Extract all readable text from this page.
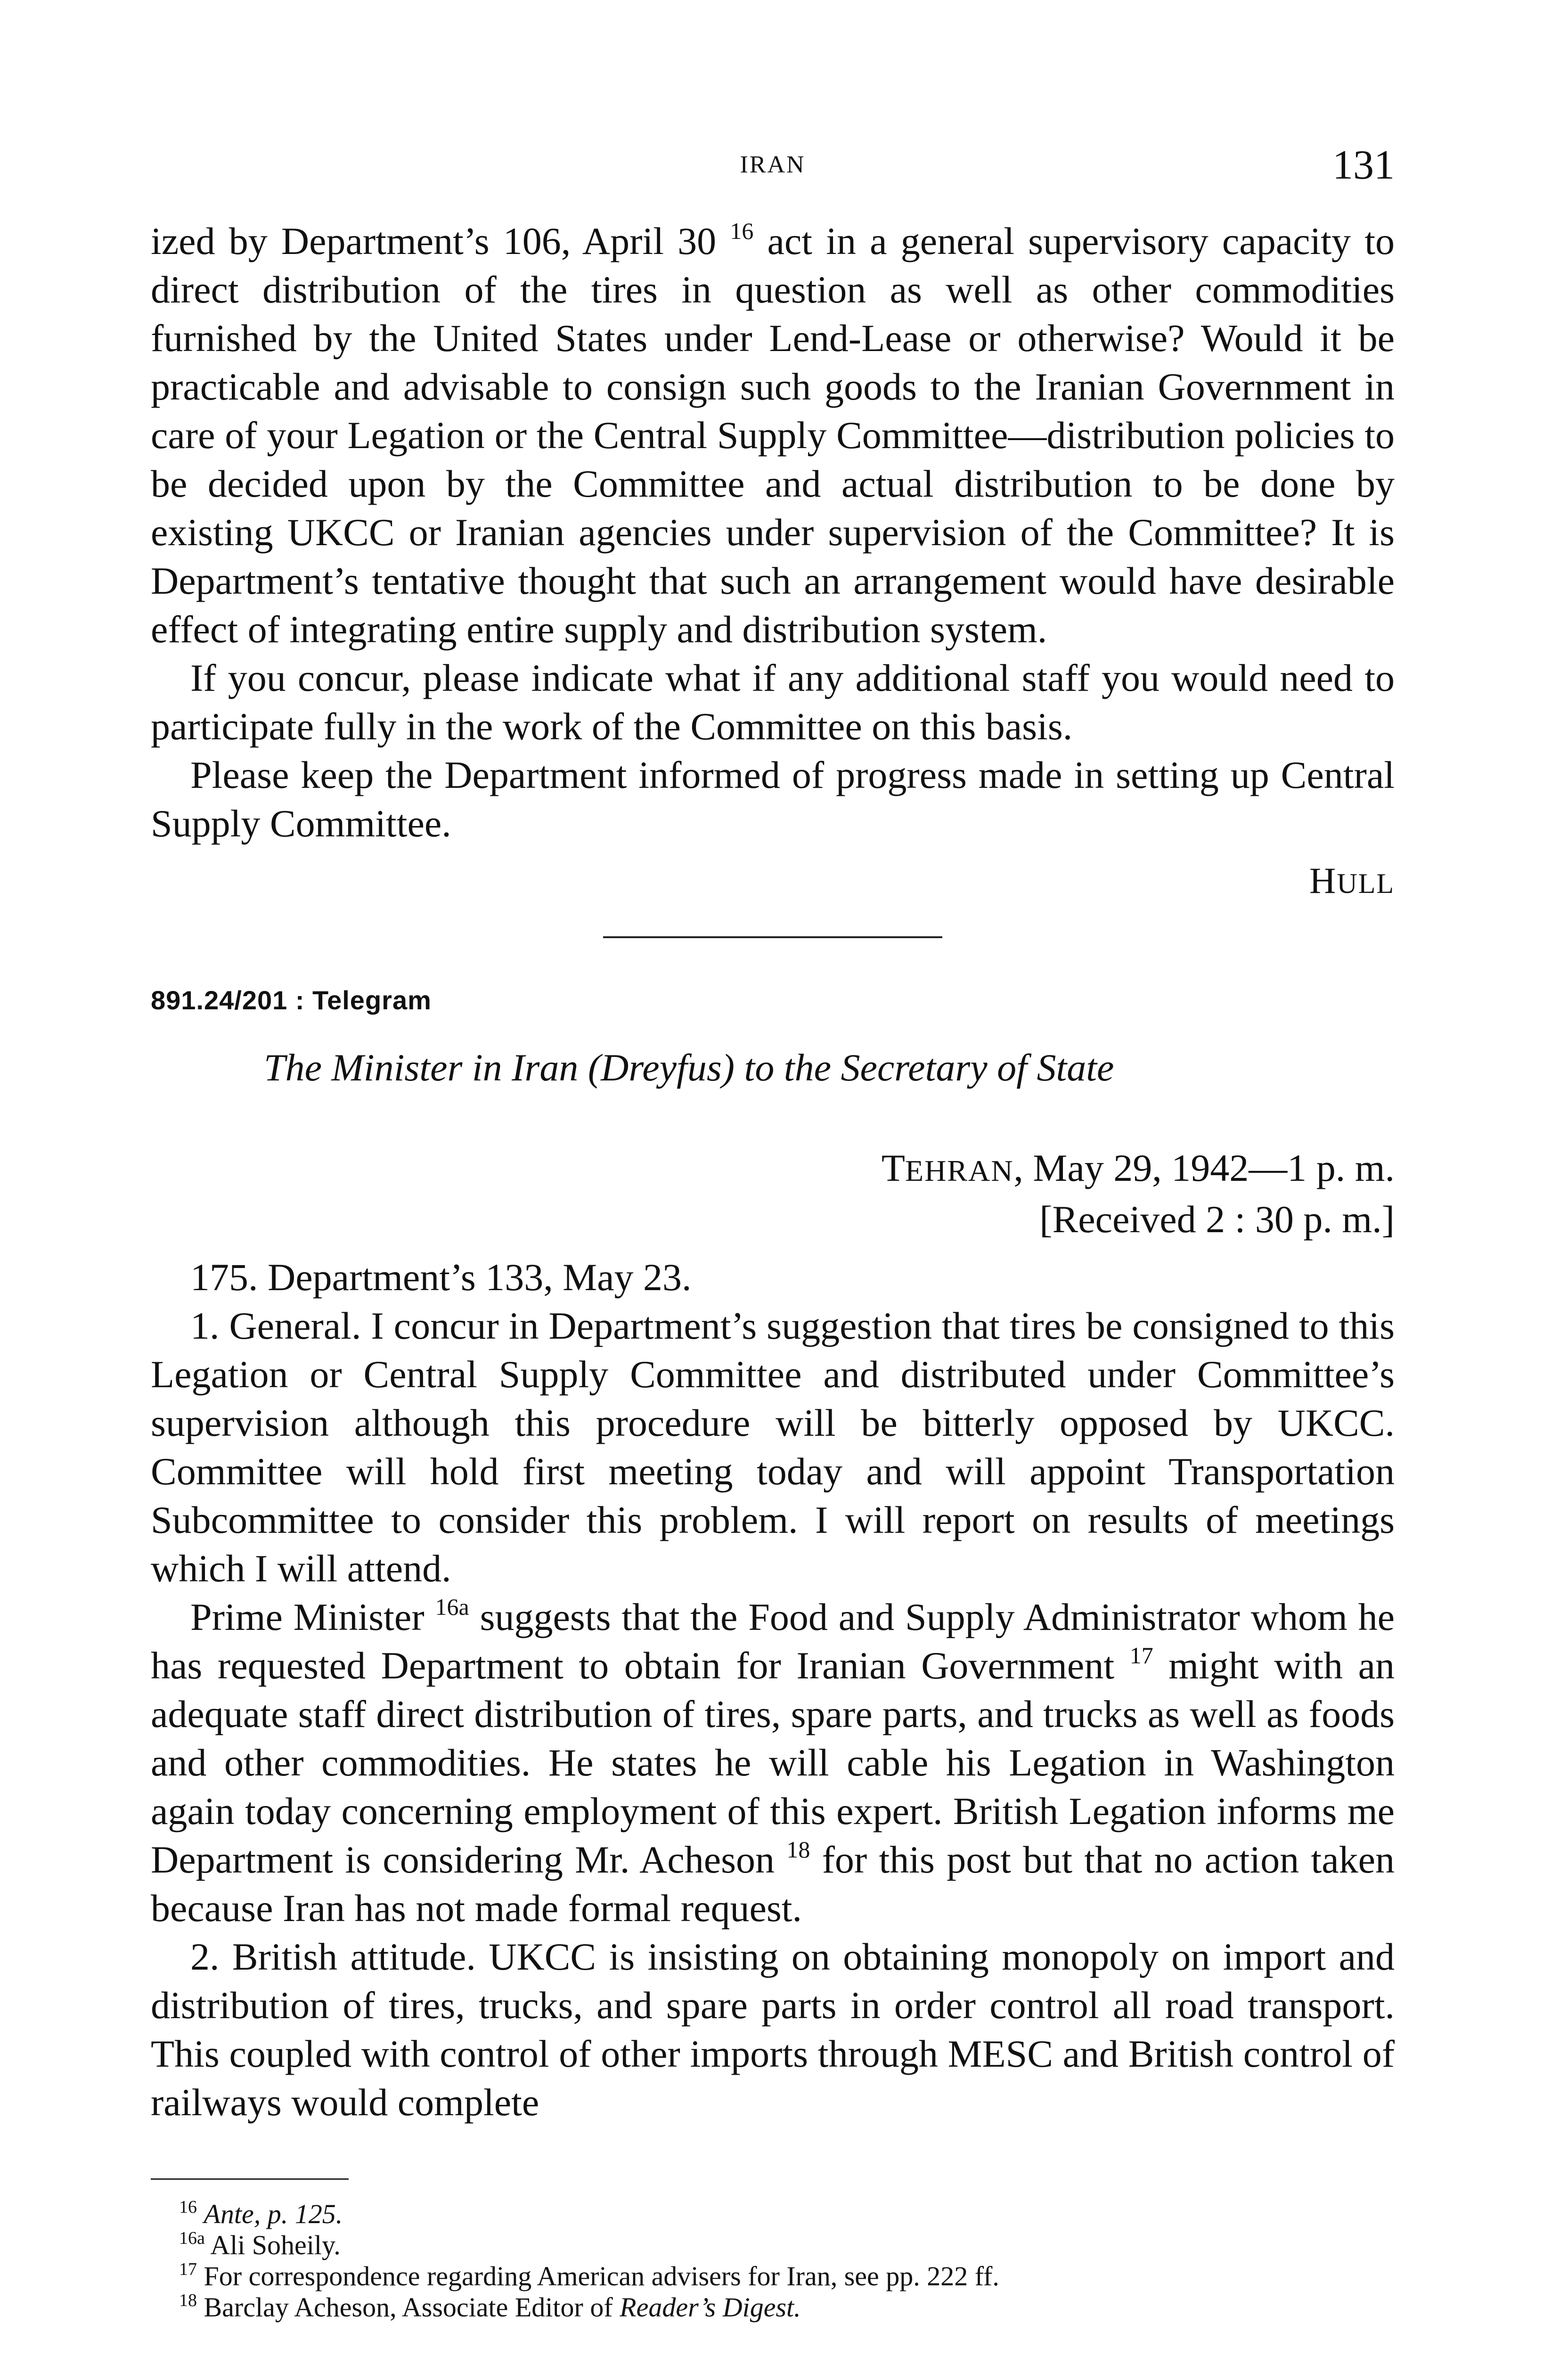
IRAN	131

ized by Department’s 106, April 30 $^{16}$ act in a general supervisory capacity to direct distribution of the tires in question as well as other commodities furnished by the United States under Lend-Lease or otherwise? Would it be practicable and advisable to consign such goods to the Iranian Government in care of your Legation or the Central Supply Committee—distribution policies to be decided upon by the Committee and actual distribution to be done by existing UKCC or Iranian agencies under supervision of the Committee? It is Department’s tentative thought that such an arrangement would have desirable effect of integrating entire supply and distribution system.

If you concur, please indicate what if any additional staff you would need to participate fully in the work of the Committee on this basis.

Please keep the Department informed of progress made in setting up Central Supply Committee.

HULL
891.24/201 : Telegram
The Minister in Iran (Dreyfus) to the Secretary of State
TEHRAN, May 29, 1942—1 p. m.
[Received 2 : 30 p. m.]

175. Department’s 133, May 23.

1. General. I concur in Department’s suggestion that tires be consigned to this Legation or Central Supply Committee and distributed under Committee’s supervision although this procedure will be bitterly opposed by UKCC. Committee will hold first meeting today and will appoint Transportation Subcommittee to consider this problem. I will report on results of meetings which I will attend.

Prime Minister $^{16a}$ suggests that the Food and Supply Administrator whom he has requested Department to obtain for Iranian Government $^{17}$ might with an adequate staff direct distribution of tires, spare parts, and trucks as well as foods and other commodities. He states he will cable his Legation in Washington again today concerning employment of this expert. British Legation informs me Department is considering Mr. Acheson $^{18}$ for this post but that no action taken because Iran has not made formal request.

2. British attitude. UKCC is insisting on obtaining monopoly on import and distribution of tires, trucks, and spare parts in order control all road transport. This coupled with control of other imports through MESC and British control of railways would complete

$^{16}$ Ante, p. 125.

$^{16a}$ Ali Soheily.

$^{17}$ For correspondence regarding American advisers for Iran, see pp. 222 ff.

$^{18}$ Barclay Acheson, Associate Editor of Reader’s Digest.
